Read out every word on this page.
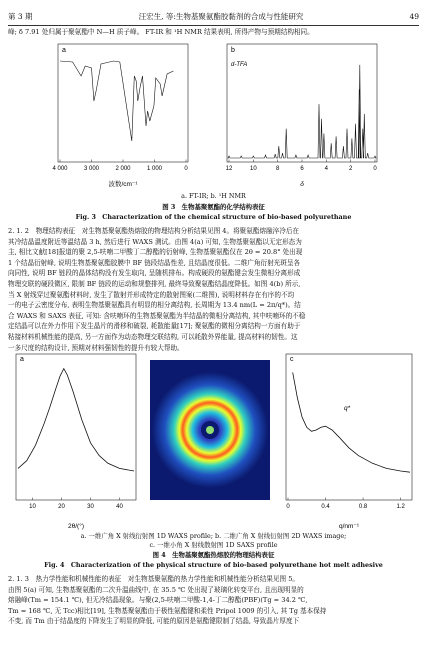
第 3 期	汪宏生, 等:生物基聚氨酯胶黏剂的合成与性能研究	49
峰; δ 7.91 处归属于聚氨酯中 N—H 质子峰。 FT-IR 和 ¹H NMR 结果表明, 所得产物与预期结构相同。
a
4 000	3 000	2 000	1 000	0
波数/cm⁻¹
b
d-TFA
12	10	8	6	4	2	0
δ
a. FT-IR; b. ¹H NMR
图 3　生物基聚氨酯的化学结构表征
Fig. 3　Characterization of the chemical structure of bio-based polyurethane
2. 1. 2　物理结构表征　对生物基聚氨酯热熔胶的物理结构分析结果见图 4。将聚氨酯熔融淬冷后在
其冷结晶温度附近等温结晶 3 h, 然后进行 WAXS 测试。由图 4(a) 可知, 生物基聚氨酯以无定形态为
主, 相比文献[18]报道的聚 2,5-呋喃二甲酸丁二醇酯的衍射峰, 生物基聚氨酯仅在 2θ = 20.8° 处出现
1 个结晶衍射峰, 说明生物基聚氨酯胶膜中 BF 链段结晶性差, 且结晶度很低。二维广角衍射光斑呈各
向同性, 说明 BF 链段的晶体结构没有发生取向, 呈随机排布。构成硬段的氨酯键会发生微相分离形成
物理交联的硬段微区, 限制 BF 链段的运动和规整排列, 最终导致聚氨酯结晶度降低。如图 4(b) 所示,
当 X 射线穿过聚氨酯材料时, 发生了散射并形成特定的散射图案(二维图), 说明材料存在有序的不均
一的电子云密度分布, 表明生物基聚氨酯具有明显的相分离结构, 长周期为 13.4 nm(L = 2π/q*)。结
合 WAXS 和 SAXS 表征, 可知: 含呋喃环的生物基聚氨酯为半结晶的微相分离结构, 其中呋喃环的不稳
定结晶可以在外力作用下发生晶片的滑移和破裂, 耗散能量[17]; 聚氨酯的微相分离结构一方面有助于
粘接材料机械性能的提高, 另一方面作为动态物理交联结构, 可以耗散外界能量, 提高材料的韧性。这
一多尺度的结构设计, 预期对材料强韧性的提升有较大帮助。
a
10	20	30	40
2θ/(°)
c
q*
0	0.4	0.8	1.2
q/nm⁻¹
a. 一维广角 X 射线衍射图 1D WAXS profile; b. 二维广角 X 射线衍射图 2D WAXS image;
c. 一维小角 X 射线散射图 1D SAXS profile
图 4　生物基聚氨酯热熔胶的物理结构表征
Fig. 4　Characterization of the physical structure of bio-based polyurethane hot melt adhesive
2. 1. 3　热力学性能和机械性能的表征　对生物基聚氨酯的热力学性能和机械性能分析结果见图 5。
由图 5(a) 可知, 生物基聚氨酯的二次升温曲线中, 在 35.5 ℃ 处出现了玻璃化转变平台, 且出现明显的
熔融峰(Tm = 154.1 ℃), 但无冷结晶现象。与聚(2,5-呋喃二甲酸-1,4-丁二醇酯(PBF)(Tg = 34.2 ℃,
Tm = 168 ℃, 无 Tcc)相比[19], 生物基聚氨酯由于极性氨酯键和柔性 Pripol 1009 的引入, 其 Tg 基本保持
不变, 而 Tm 由于结晶度的下降发生了明显的降低, 可能的原因是氨酯键限制了结晶, 导致晶片厚度下
